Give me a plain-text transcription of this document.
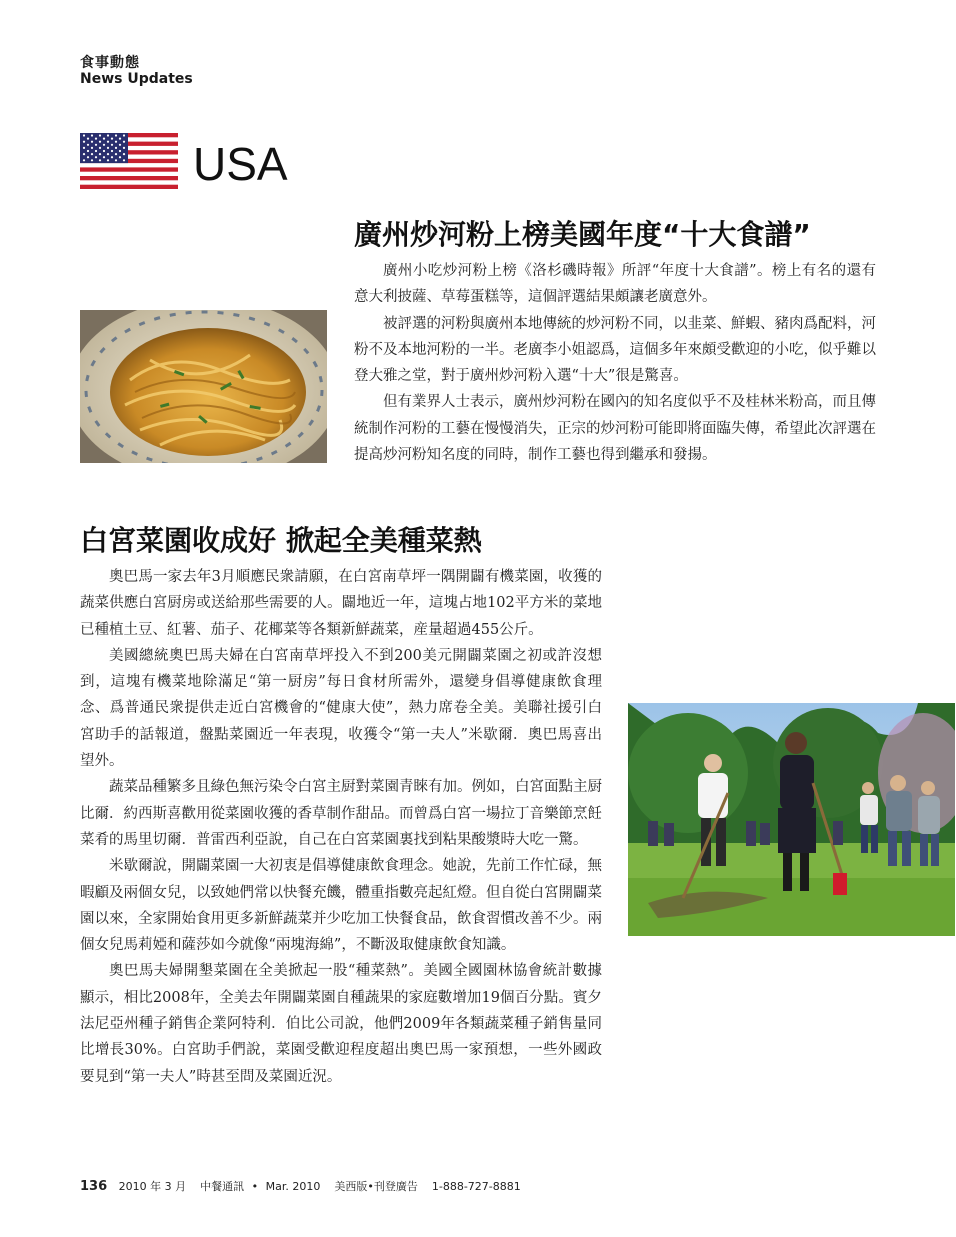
食事動態
News Updates
USA
廣州炒河粉上榜美國年度“十大食譜”

廣州小吃炒河粉上榜《洛杉磯時報》所評“年度十大食譜”。榜上有名的還有意大利披薩、草莓蛋糕等，這個評選結果頗讓老廣意外。

被評選的河粉與廣州本地傳統的炒河粉不同，以韭菜、鮮蝦、豬肉爲配料，河粉不及本地河粉的一半。老廣李小姐認爲，這個多年來頗受歡迎的小吃，似乎難以登大雅之堂，對于廣州炒河粉入選“十大”很是驚喜。

但有業界人士表示，廣州炒河粉在國內的知名度似乎不及桂林米粉高，而且傳統制作河粉的工藝在慢慢消失，正宗的炒河粉可能即將面臨失傳，希望此次評選在提高炒河粉知名度的同時，制作工藝也得到繼承和發揚。

白宮菜園收成好 掀起全美種菜熱

奧巴馬一家去年3月順應民衆請願，在白宮南草坪一隅開闢有機菜園，收獲的蔬菜供應白宮厨房或送給那些需要的人。闢地近一年，這塊占地102平方米的菜地已種植土豆、紅薯、茄子、花椰菜等各類新鮮蔬菜，産量超過455公斤。

美國總統奧巴馬夫婦在白宮南草坪投入不到200美元開闢菜園之初或許沒想到，這塊有機菜地除滿足“第一厨房”每日食材所需外，還變身倡導健康飲食理念、爲普通民衆提供走近白宮機會的“健康大使”，熱力席卷全美。美聯社援引白宮助手的話報道，盤點菜園近一年表現，收獲令“第一夫人”米歇爾．奧巴馬喜出望外。

蔬菜品種繁多且綠色無污染令白宮主厨對菜園青睞有加。例如，白宮面點主厨比爾．約西斯喜歡用從菜園收獲的香草制作甜品。而曾爲白宮一場拉丁音樂節烹飪菜肴的馬里切爾．普雷西利亞說，自己在白宮菜園裏找到粘果酸漿時大吃一驚。

米歇爾說，開闢菜園一大初衷是倡導健康飲食理念。她說，先前工作忙碌，無暇顧及兩個女兒，以致她們常以快餐充饑，體重指數亮起紅燈。但自從白宮開闢菜園以來，全家開始食用更多新鮮蔬菜并少吃加工快餐食品，飲食習慣改善不少。兩個女兒馬莉婭和薩莎如今就像“兩塊海綿”，不斷汲取健康飲食知識。

奧巴馬夫婦開墾菜園在全美掀起一股“種菜熱”。美國全國園林協會統計數據顯示，相比2008年，全美去年開闢菜園自種蔬果的家庭數增加19個百分點。賓夕法尼亞州種子銷售企業阿特利．伯比公司說，他們2009年各類蔬菜種子銷售量同比增長30%。白宮助手們說，菜園受歡迎程度超出奧巴馬一家預想，一些外國政要見到“第一夫人”時甚至問及菜園近況。

136 2010 年 3 月 中餐通訊 • Mar. 2010 美西版•刊登廣告 1-888-727-8881
